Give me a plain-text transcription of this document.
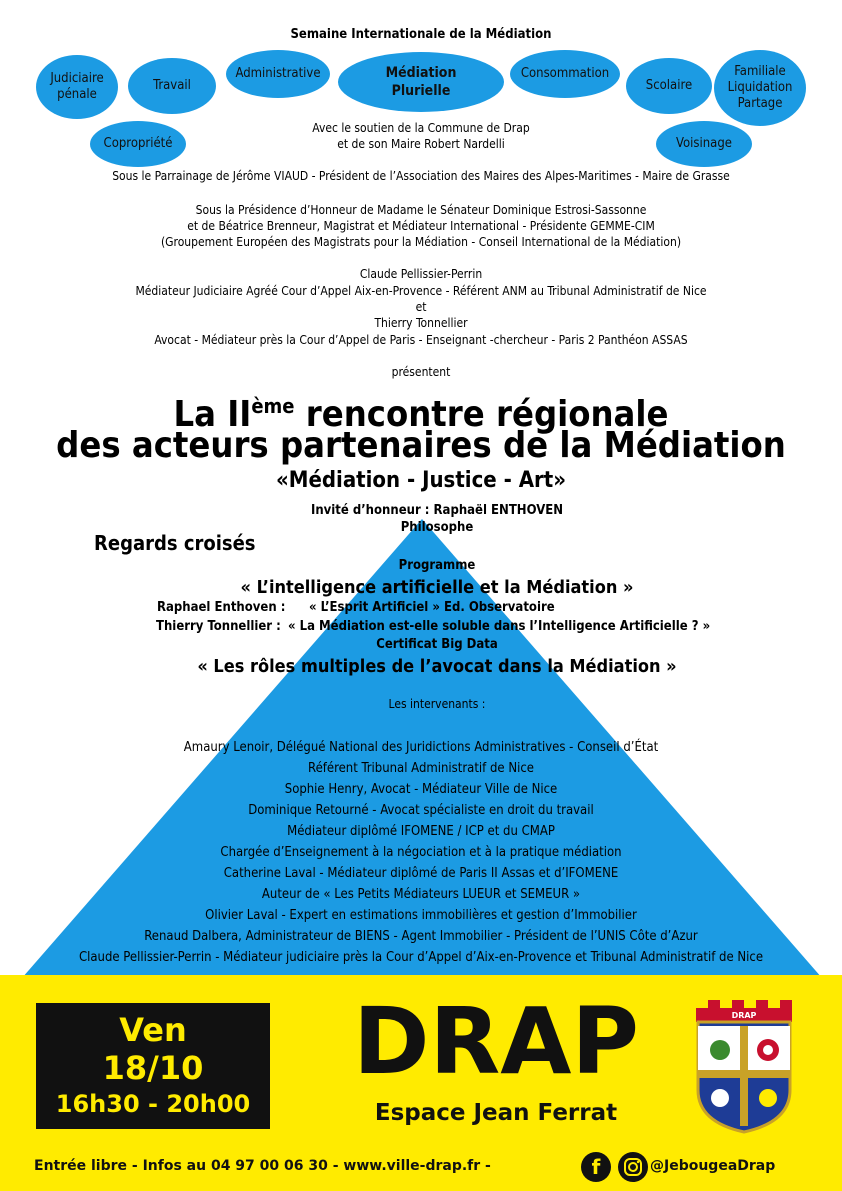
Semaine Internationale de la Médiation
Judiciaire
pénale
Travail
Administrative	Médiation
Plurielle
Consommation
Scolaire
Familiale
Liquidation
Partage
Copropriété	Voisinage
Avec le soutien de la Commune de Drap
et de son Maire Robert Nardelli
Sous le Parrainage de Jérôme VIAUD - Président de l’Association des Maires des Alpes-Maritimes - Maire de Grasse
Sous la Présidence d’Honneur de Madame le Sénateur Dominique Estrosi-Sassonne
et de Béatrice Brenneur, Magistrat et Médiateur International - Présidente GEMME-CIM
(Groupement Européen des Magistrats pour la Médiation - Conseil International de la Médiation)
Claude Pellissier-Perrin
Médiateur Judiciaire Agréé Cour d’Appel Aix-en-Provence - Référent ANM au Tribunal Administratif de Nice
et
Thierry Tonnellier
Avocat - Médiateur près la Cour d’Appel de Paris - Enseignant -chercheur - Paris 2 Panthéon ASSAS
présentent
La IIème rencontre régionale
des acteurs partenaires de la Médiation
«Médiation - Justice - Art»
Invité d’honneur : Raphaël ENTHOVEN
Philosophe
Regards croisés
Programme
« L’intelligence artificielle et la Médiation »
Raphael Enthoven : « L’Esprit Artificiel » Ed. Observatoire
Thierry Tonnellier : « La Médiation est-elle soluble dans l’Intelligence Artificielle ? »
Certificat Big Data
« Les rôles multiples de l’avocat dans la Médiation »
Les intervenants :
Amaury Lenoir, Délégué National des Juridictions Administratives - Conseil d’État
Référent Tribunal Administratif de Nice
Sophie Henry, Avocat - Médiateur Ville de Nice
Dominique Retourné - Avocat spécialiste en droit du travail
Médiateur diplômé IFOMENE / ICP et du CMAP
Chargée d’Enseignement à la négociation et à la pratique médiation
Catherine Laval - Médiateur diplômé de Paris II Assas et d’IFOMENE
Auteur de « Les Petits Médiateurs LUEUR et SEMEUR »
Olivier Laval - Expert en estimations immobilières et gestion d’Immobilier
Renaud Dalbera, Administrateur de BIENS - Agent Immobilier - Président de l’UNIS Côte d’Azur
Claude Pellissier-Perrin - Médiateur judiciaire près la Cour d’Appel d’Aix-en-Provence et Tribunal Administratif de Nice
Ven
18/10
16h30 - 20h00
DRAP
Espace Jean Ferrat
DRAP
Entrée libre - Infos au 04 97 00 06 30 - www.ville-drap.fr -	f	@JebougeaDrap
